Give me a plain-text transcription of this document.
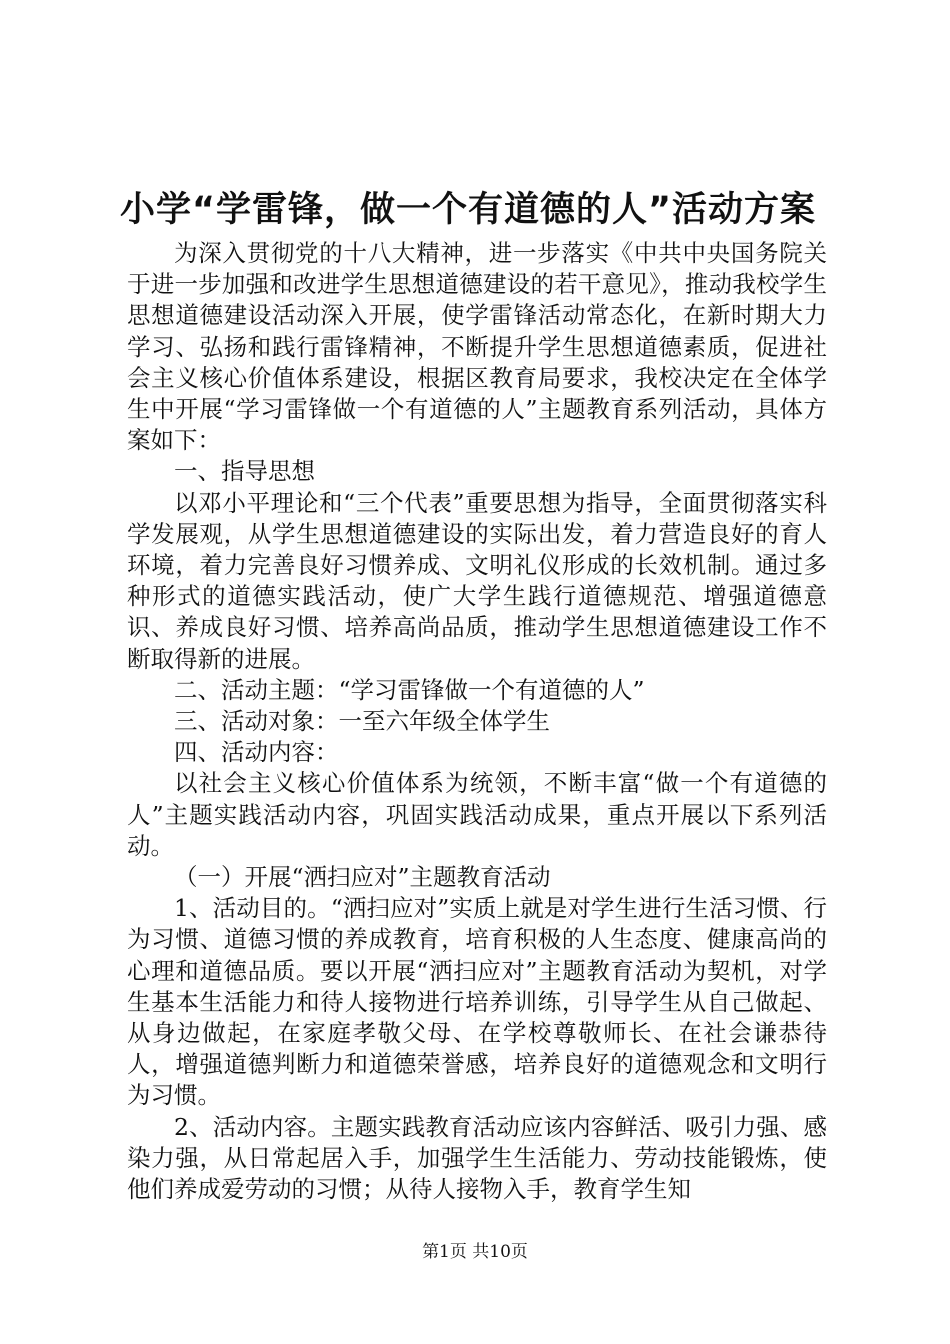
小学“学雷锋，做一个有道德的人”活动方案

为深入贯彻党的十八大精神，进一步落实《中共中央国务院关于进一步加强和改进学生思想道德建设的若干意见》，推动我校学生思想道德建设活动深入开展，使学雷锋活动常态化，在新时期大力学习、弘扬和践行雷锋精神，不断提升学生思想道德素质，促进社会主义核心价值体系建设，根据区教育局要求，我校决定在全体学生中开展“学习雷锋做一个有道德的人”主题教育系列活动，具体方案如下：

一、指导思想

以邓小平理论和“三个代表”重要思想为指导，全面贯彻落实科学发展观，从学生思想道德建设的实际出发，着力营造良好的育人环境，着力完善良好习惯养成、文明礼仪形成的长效机制。通过多种形式的道德实践活动，使广大学生践行道德规范、增强道德意识、养成良好习惯、培养高尚品质，推动学生思想道德建设工作不断取得新的进展。

二、活动主题：“学习雷锋做一个有道德的人”

三、活动对象：一至六年级全体学生

四、活动内容：

以社会主义核心价值体系为统领，不断丰富“做一个有道德的人”主题实践活动内容，巩固实践活动成果，重点开展以下系列活动。

（一）开展“洒扫应对”主题教育活动

1、活动目的。“洒扫应对”实质上就是对学生进行生活习惯、行为习惯、道德习惯的养成教育，培育积极的人生态度、健康高尚的心理和道德品质。要以开展“洒扫应对”主题教育活动为契机，对学生基本生活能力和待人接物进行培养训练，引导学生从自己做起、从身边做起，在家庭孝敬父母、在学校尊敬师长、在社会谦恭待人，增强道德判断力和道德荣誉感，培养良好的道德观念和文明行为习惯。

2、活动内容。主题实践教育活动应该内容鲜活、吸引力强、感染力强，从日常起居入手，加强学生生活能力、劳动技能锻炼，使他们养成爱劳动的习惯；从待人接物入手，教育学生知

第1页 共10页
